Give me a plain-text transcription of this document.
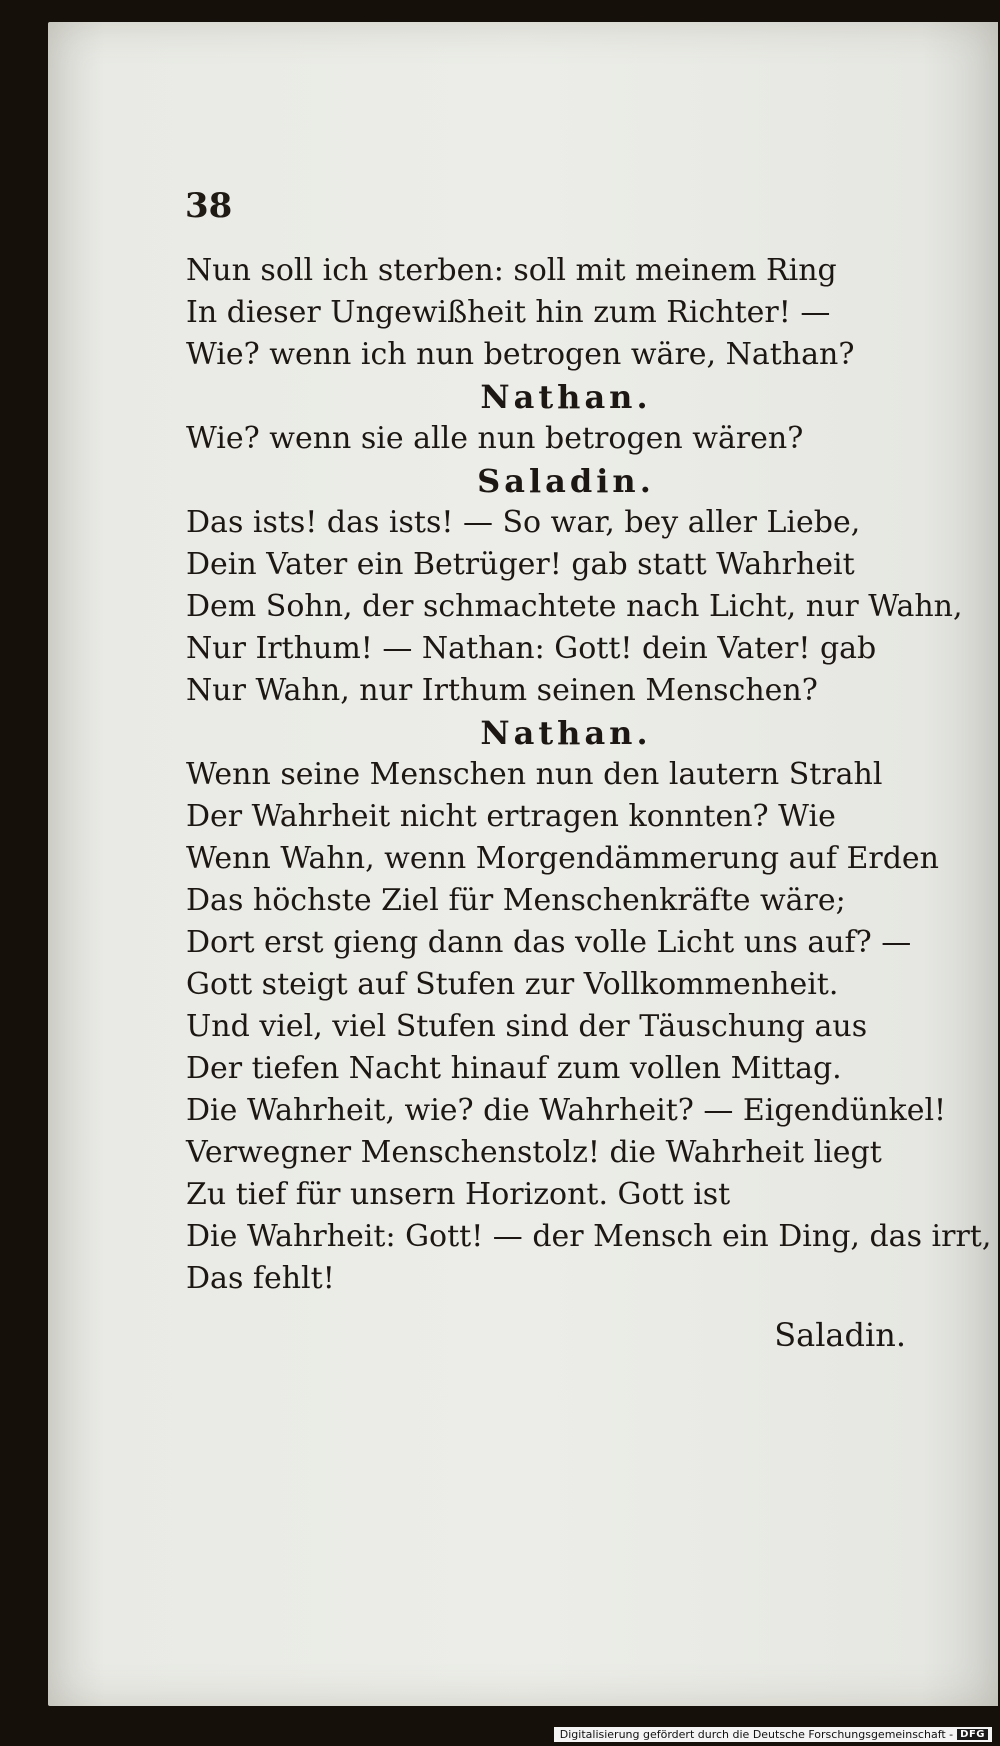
38
Nun soll ich sterben: soll mit meinem Ring
In dieser Ungewißheit hin zum Richter! —
Wie? wenn ich nun betrogen wäre, Nathan?
Nathan.
Wie? wenn sie alle nun betrogen wären?
Saladin.
Das ists! das ists! — So war, bey aller Liebe,
Dein Vater ein Betrüger! gab statt Wahrheit
Dem Sohn, der schmachtete nach Licht, nur Wahn,
Nur Irthum! — Nathan: Gott! dein Vater! gab
Nur Wahn, nur Irthum seinen Menschen?
Nathan.
Wenn seine Menschen nun den lautern Strahl
Der Wahrheit nicht ertragen konnten? Wie
Wenn Wahn, wenn Morgendämmerung auf Erden
Das höchste Ziel für Menschenkräfte wäre;
Dort erst gieng dann das volle Licht uns auf? —
Gott steigt auf Stufen zur Vollkommenheit.
Und viel, viel Stufen sind der Täuschung aus
Der tiefen Nacht hinauf zum vollen Mittag.
Die Wahrheit, wie? die Wahrheit? — Eigendünkel!
Verwegner Menschenstolz! die Wahrheit liegt
Zu tief für unsern Horizont. Gott ist
Die Wahrheit: Gott! — der Mensch ein Ding, das irrt,
Das fehlt!
Saladin.
Digitalisierung gefördert durch die Deutsche Forschungsgemeinschaft - DFG
